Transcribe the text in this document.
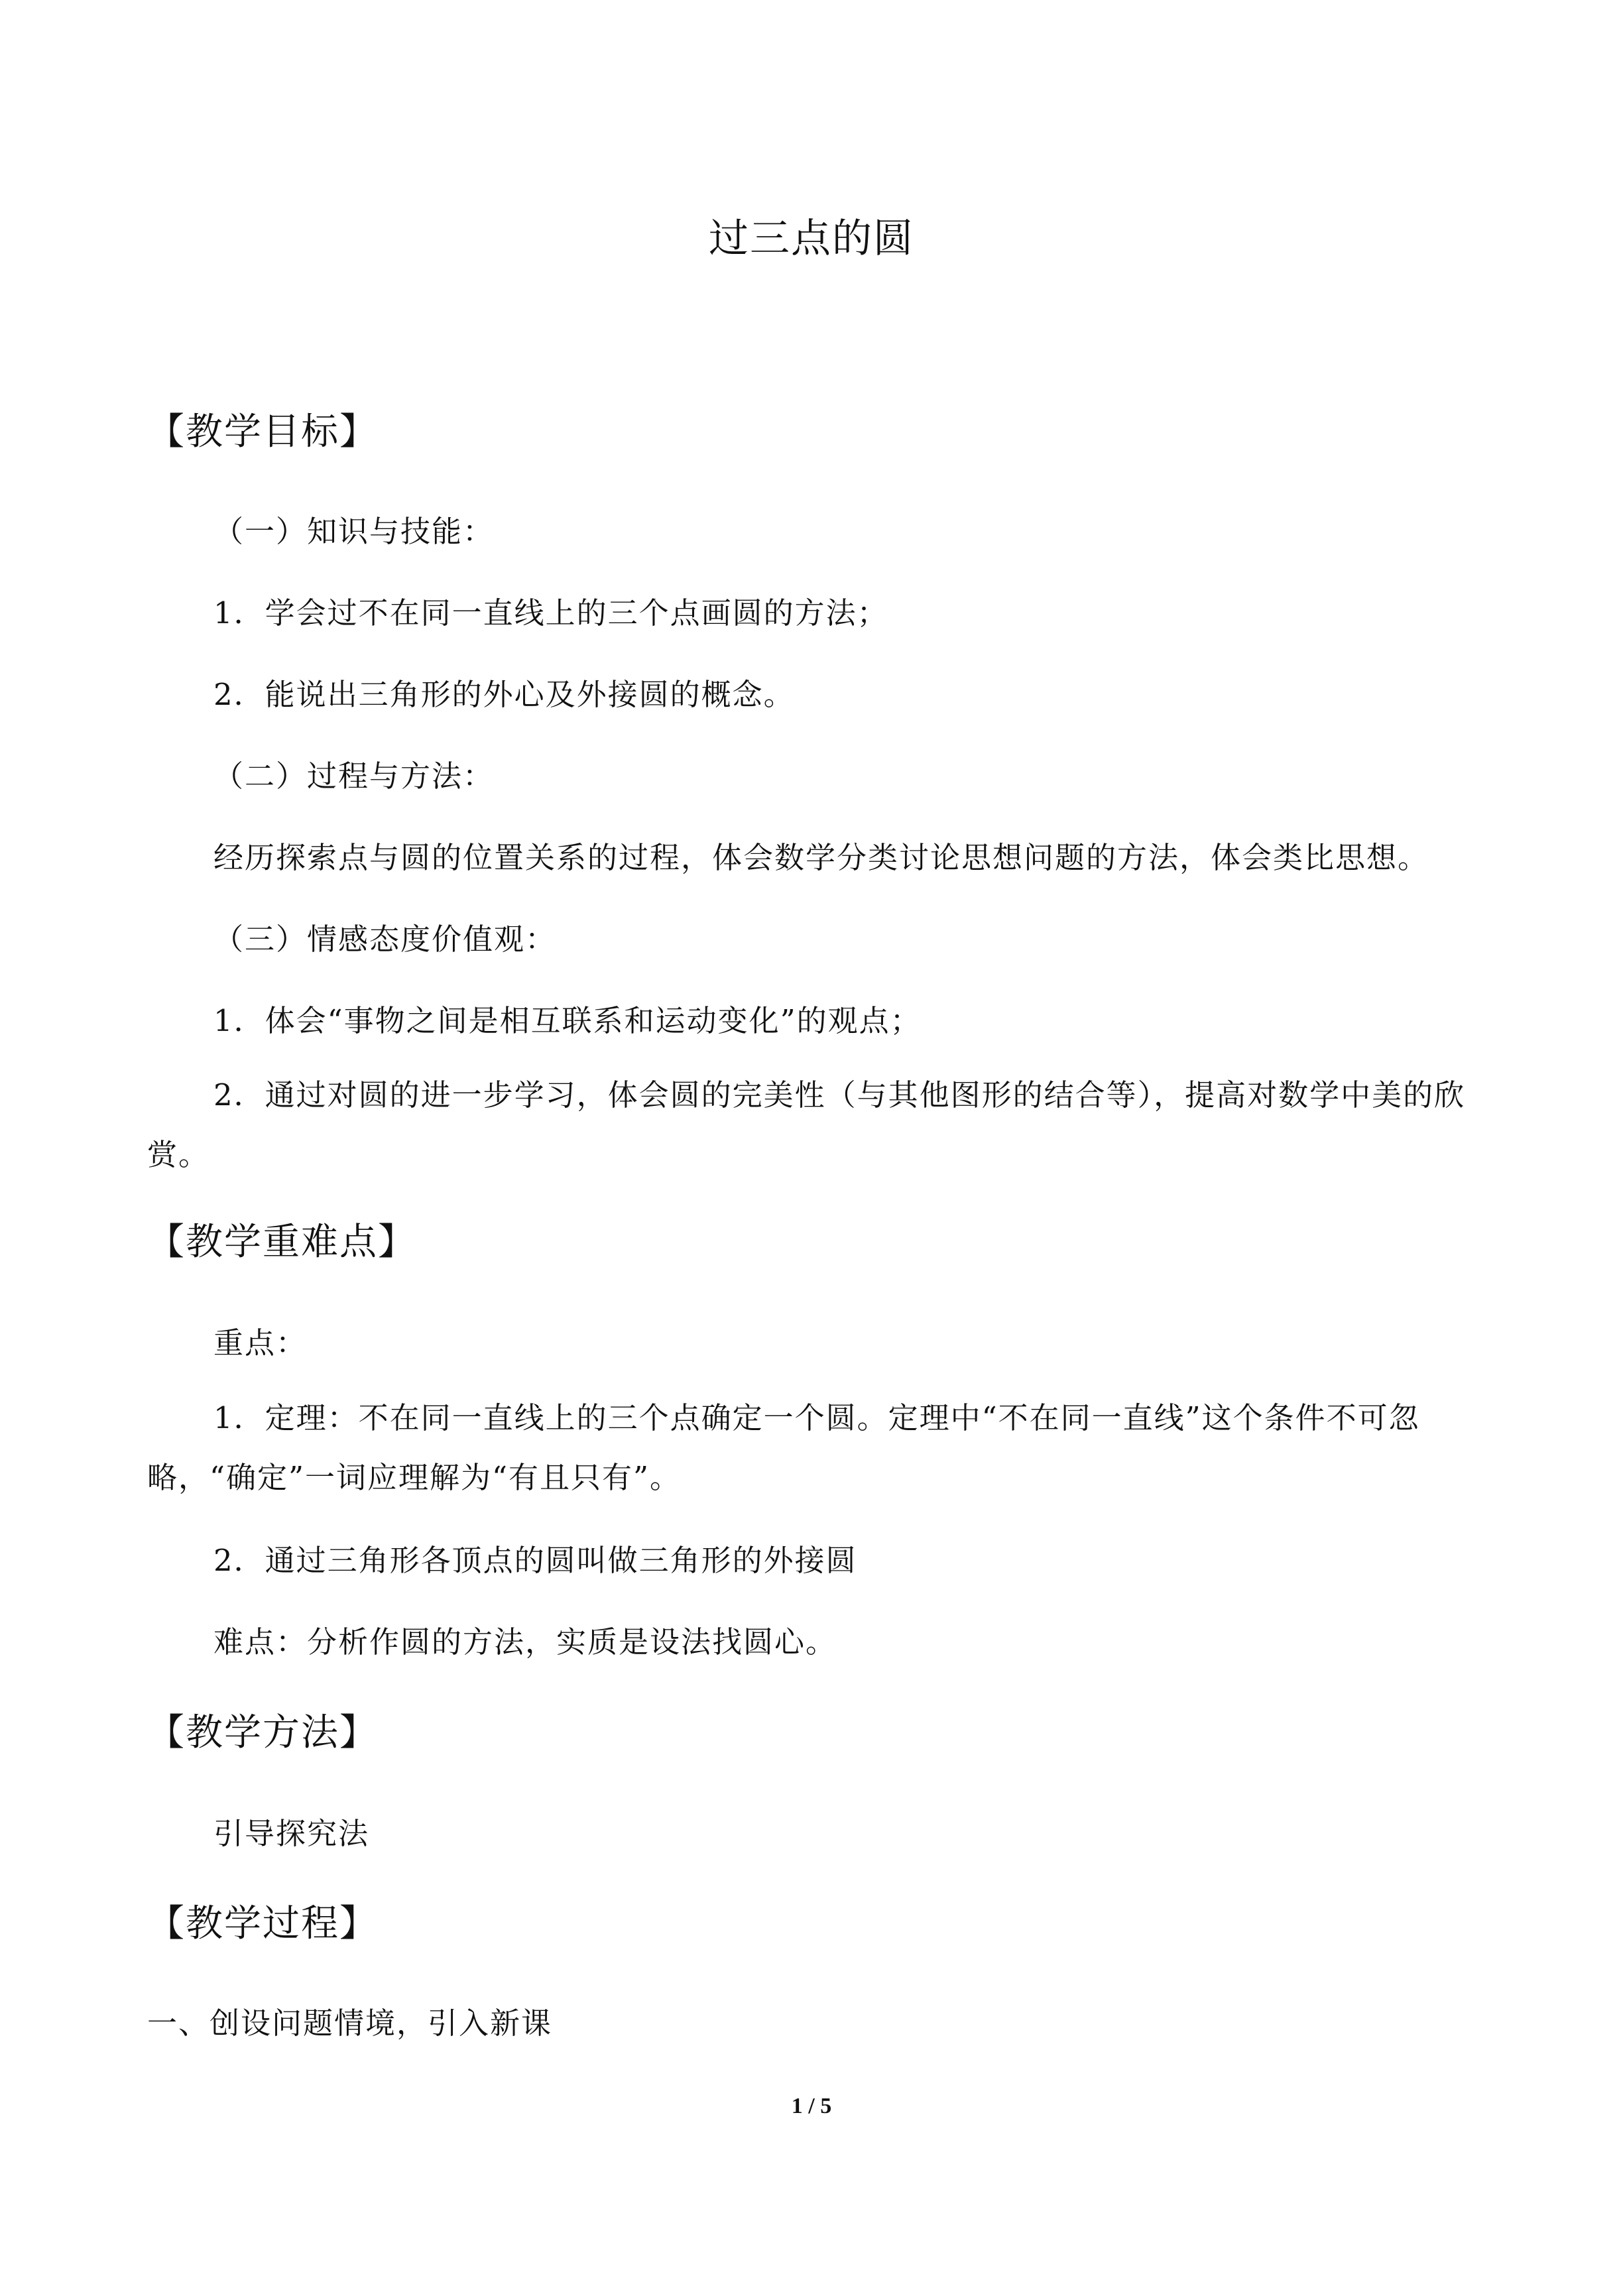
过三点的圆
【教学目标】
（一）知识与技能：
1．学会过不在同一直线上的三个点画圆的方法；
2．能说出三角形的外心及外接圆的概念。
（二）过程与方法：
经历探索点与圆的位置关系的过程，体会数学分类讨论思想问题的方法，体会类比思想。
（三）情感态度价值观：
1．体会“事物之间是相互联系和运动变化”的观点；
2．通过对圆的进一步学习，体会圆的完美性（与其他图形的结合等），提高对数学中美的欣赏。
【教学重难点】
重点：
1．定理：不在同一直线上的三个点确定一个圆。定理中“不在同一直线”这个条件不可忽略，“确定”一词应理解为“有且只有”。
2．通过三角形各顶点的圆叫做三角形的外接圆
难点：分析作圆的方法，实质是设法找圆心。
【教学方法】
引导探究法
【教学过程】
一、创设问题情境，引入新课
1 / 5
